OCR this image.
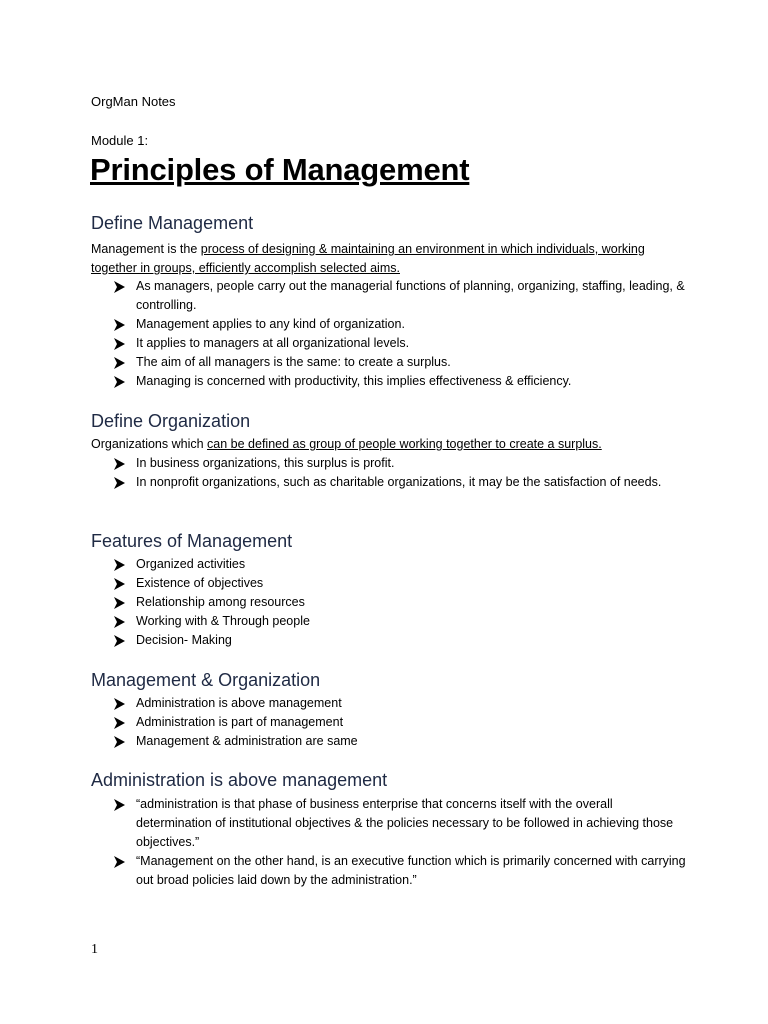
OrgMan Notes
Module 1:
Principles of Management
Define Management

Management is the process of designing & maintaining an environment in which individuals, working together in groups, efficiently accomplish selected aims.

As managers, people carry out the managerial functions of planning, organizing, staffing, leading, & controlling.
Management applies to any kind of organization.
It applies to managers at all organizational levels.
The aim of all managers is the same: to create a surplus.
Managing is concerned with productivity, this implies effectiveness & efficiency.
Define Organization

Organizations which can be defined as group of people working together to create a surplus.

In business organizations, this surplus is profit.
In nonprofit organizations, such as charitable organizations, it may be the satisfaction of needs.
Features of Management
Organized activities
Existence of objectives
Relationship among resources
Working with & Through people
Decision- Making
Management & Organization
Administration is above management
Administration is part of management
Management & administration are same
Administration is above management
“administration is that phase of business enterprise that concerns itself with the overall determination of institutional objectives & the policies necessary to be followed in achieving those objectives.”
“Management on the other hand, is an executive function which is primarily concerned with carrying out broad policies laid down by the administration.”
1
